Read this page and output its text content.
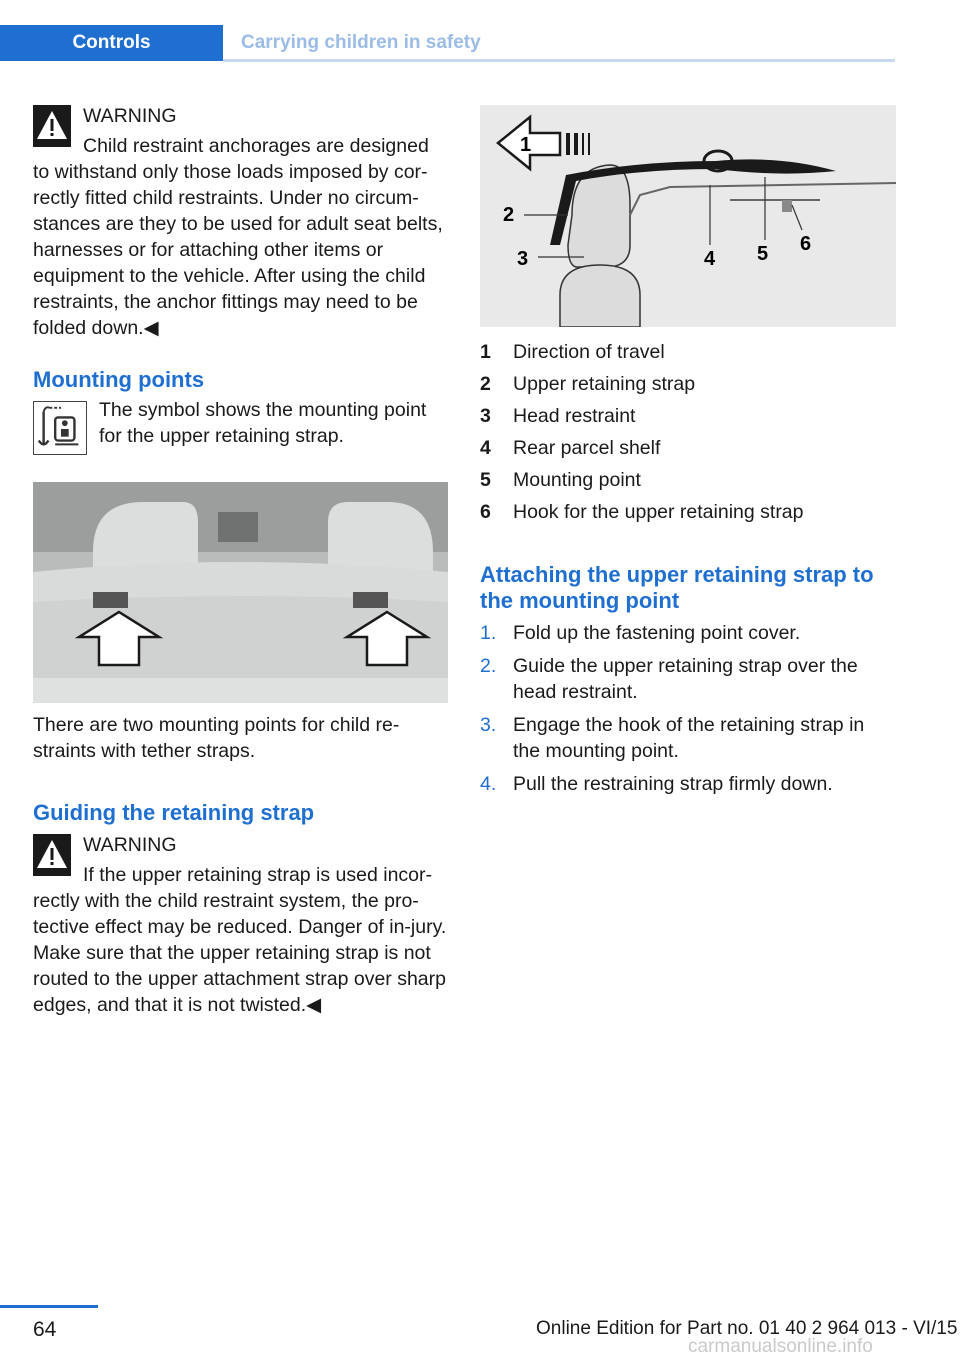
Controls	Carrying children in safety
WARNING
Child restraint anchorages are designed

to withstand only those loads imposed by cor-rectly fitted child restraints. Under no circum-stances are they to be used for adult seat belts, harnesses or for attaching other items or equipment to the vehicle. After using the child restraints, the anchor fittings may need to be folded down.◀

Mounting points
The symbol shows the mounting point for the upper retaining strap.

There are two mounting points for child re-straints with tether straps.

Guiding the retaining strap
WARNING
If the upper retaining strap is used incor-

rectly with the child restraint system, the pro-tective effect may be reduced. Danger of in-jury. Make sure that the upper retaining strap is not routed to the upper attachment strap over sharp edges, and that it is not twisted.◀

1
2
3	4 5 6
1	Direction of travel
2	Upper retaining strap
3	Head restraint
4	Rear parcel shelf
5	Mounting point
6	Hook for the upper retaining strap
Attaching the upper retaining strap to the mounting point
1. Fold up the fastening point cover.
2. Guide the upper retaining strap over the head restraint.
3. Engage the hook of the retaining strap in the mounting point.
4. Pull the restraining strap firmly down.
64	Online Edition for Part no. 01 40 2 964 013 - VI/15
carmanualsonline.info
